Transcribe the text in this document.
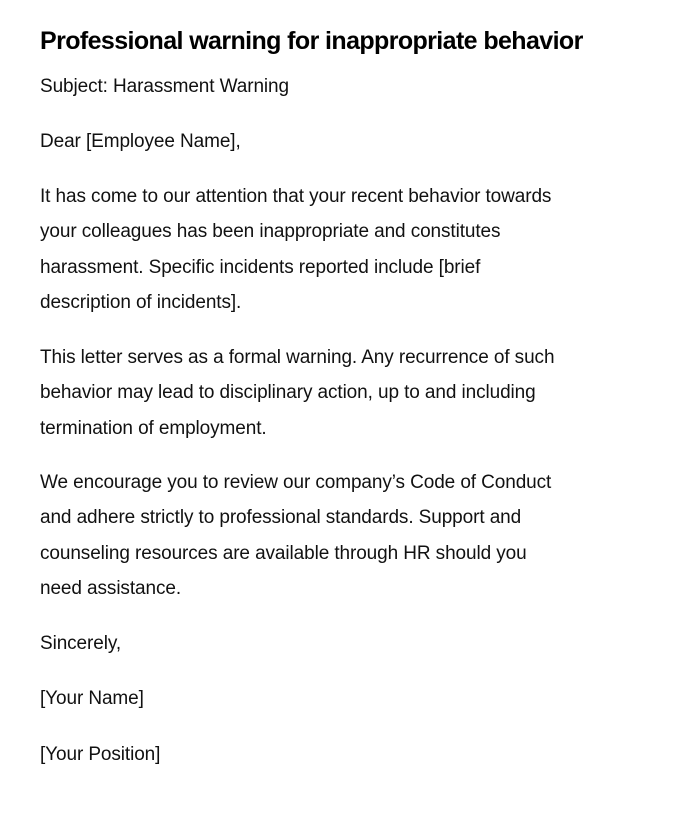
Professional warning for inappropriate behavior

Subject: Harassment Warning

Dear [Employee Name],

It has come to our attention that your recent behavior towards
your colleagues has been inappropriate and constitutes
harassment. Specific incidents reported include [brief
description of incidents].

This letter serves as a formal warning. Any recurrence of such
behavior may lead to disciplinary action, up to and including
termination of employment.

We encourage you to review our company’s Code of Conduct
and adhere strictly to professional standards. Support and
counseling resources are available through HR should you
need assistance.

Sincerely,

[Your Name]

[Your Position]
